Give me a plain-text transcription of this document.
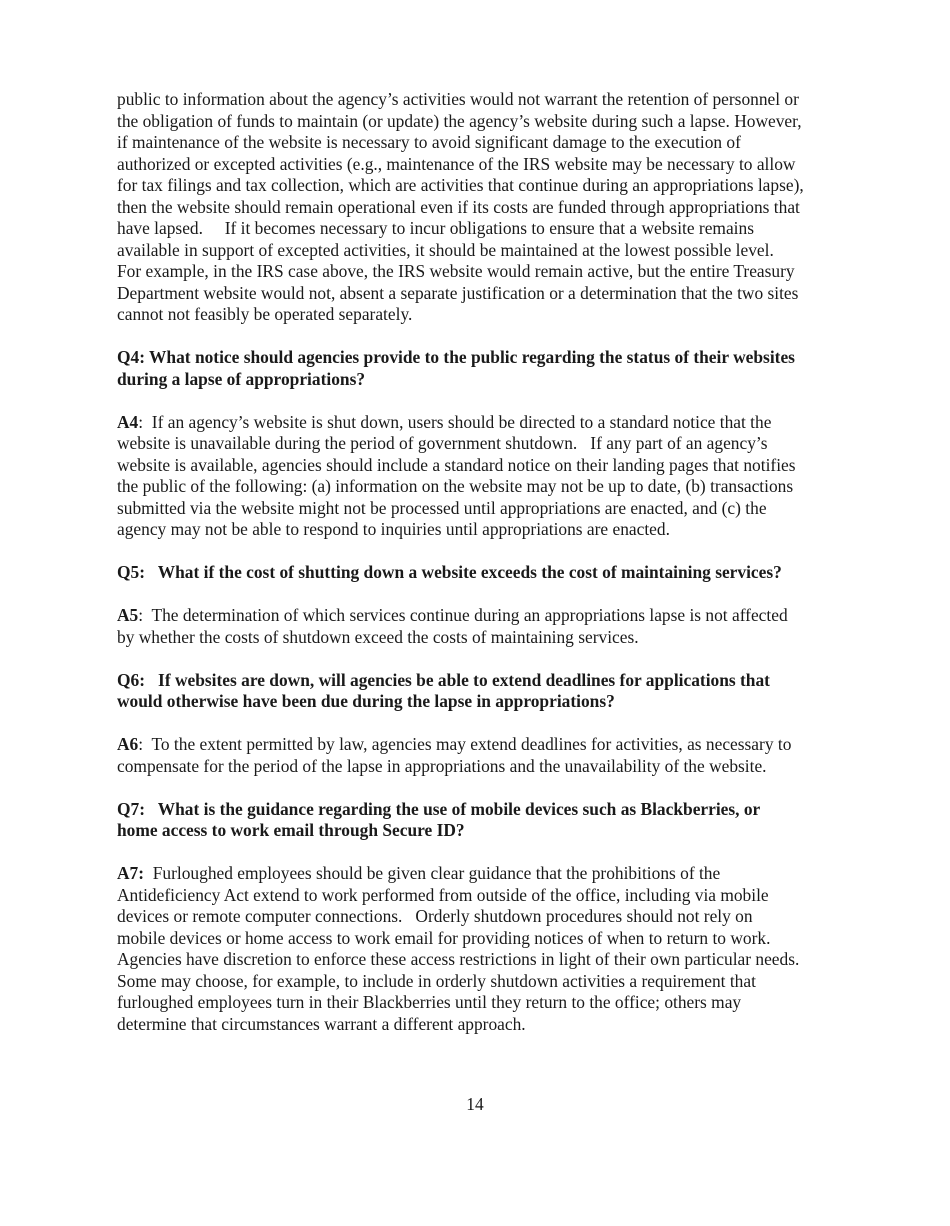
public to information about the agency’s activities would not warrant the retention of personnel or
the obligation of funds to maintain (or update) the agency’s website during such a lapse. However,
if maintenance of the website is necessary to avoid significant damage to the execution of
authorized or excepted activities (e.g., maintenance of the IRS website may be necessary to allow
for tax filings and tax collection, which are activities that continue during an appropriations lapse),
then the website should remain operational even if its costs are funded through appropriations that
have lapsed.     If it becomes necessary to incur obligations to ensure that a website remains
available in support of excepted activities, it should be maintained at the lowest possible level.
For example, in the IRS case above, the IRS website would remain active, but the entire Treasury
Department website would not, absent a separate justification or a determination that the two sites
cannot not feasibly be operated separately.
Q4: What notice should agencies provide to the public regarding the status of their websites
during a lapse of appropriations?
A4:  If an agency’s website is shut down, users should be directed to a standard notice that the
website is unavailable during the period of government shutdown.   If any part of an agency’s
website is available, agencies should include a standard notice on their landing pages that notifies
the public of the following: (a) information on the website may not be up to date, (b) transactions
submitted via the website might not be processed until appropriations are enacted, and (c) the
agency may not be able to respond to inquiries until appropriations are enacted.
Q5:   What if the cost of shutting down a website exceeds the cost of maintaining services?
A5:  The determination of which services continue during an appropriations lapse is not affected
by whether the costs of shutdown exceed the costs of maintaining services.
Q6:   If websites are down, will agencies be able to extend deadlines for applications that
would otherwise have been due during the lapse in appropriations?
A6:  To the extent permitted by law, agencies may extend deadlines for activities, as necessary to
compensate for the period of the lapse in appropriations and the unavailability of the website.
Q7:   What is the guidance regarding the use of mobile devices such as Blackberries, or
home access to work email through Secure ID?
A7:  Furloughed employees should be given clear guidance that the prohibitions of the
Antideficiency Act extend to work performed from outside of the office, including via mobile
devices or remote computer connections.   Orderly shutdown procedures should not rely on
mobile devices or home access to work email for providing notices of when to return to work.
Agencies have discretion to enforce these access restrictions in light of their own particular needs.
Some may choose, for example, to include in orderly shutdown activities a requirement that
furloughed employees turn in their Blackberries until they return to the office; others may
determine that circumstances warrant a different approach.
14
